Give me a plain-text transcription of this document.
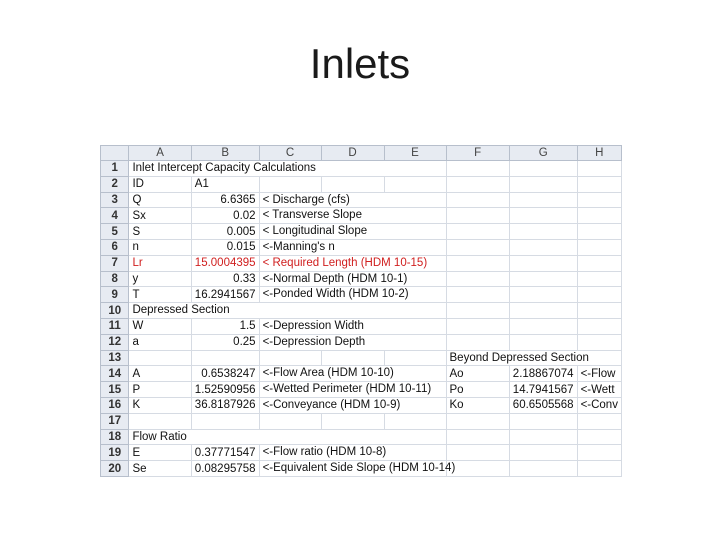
Inlets
	A	B	C	D	E	F	G	H
1	Inlet Intercept Capacity Calculations							

2	ID	A1						
3	Q	6.6365	< Discharge (cfs)					

4	Sx	0.02	< Transverse Slope					

5	S	0.005	< Longitudinal Slope					

6	n	0.015	<-Manning's n					

7	Lr	15.0004395	< Required Length (HDM 10-15)					

8	y	0.33	<-Normal Depth (HDM 10-1)					

9	T	16.2941567	<-Ponded Width (HDM 10-2)					

10	Depressed Section							

11	W	1.5	<-Depression Width					

12	a	0.25	<-Depression Depth					

13						Beyond Depressed Section		

14	A	0.6538247	<-Flow Area (HDM 10-10)			Ao	2.18867074	<-Flow
15	P	1.52590956	<-Wetted Perimeter (HDM 10-11)			Po	14.7941567	<-Wett
16	K	36.8187926	<-Conveyance (HDM 10-9)			Ko	60.6505568	<-Conv
17								
18	Flow Ratio							

19	E	0.37771547	<-Flow ratio (HDM 10-8)					

20	Se	0.08295758	<-Equivalent Side Slope (HDM 10-14)					
